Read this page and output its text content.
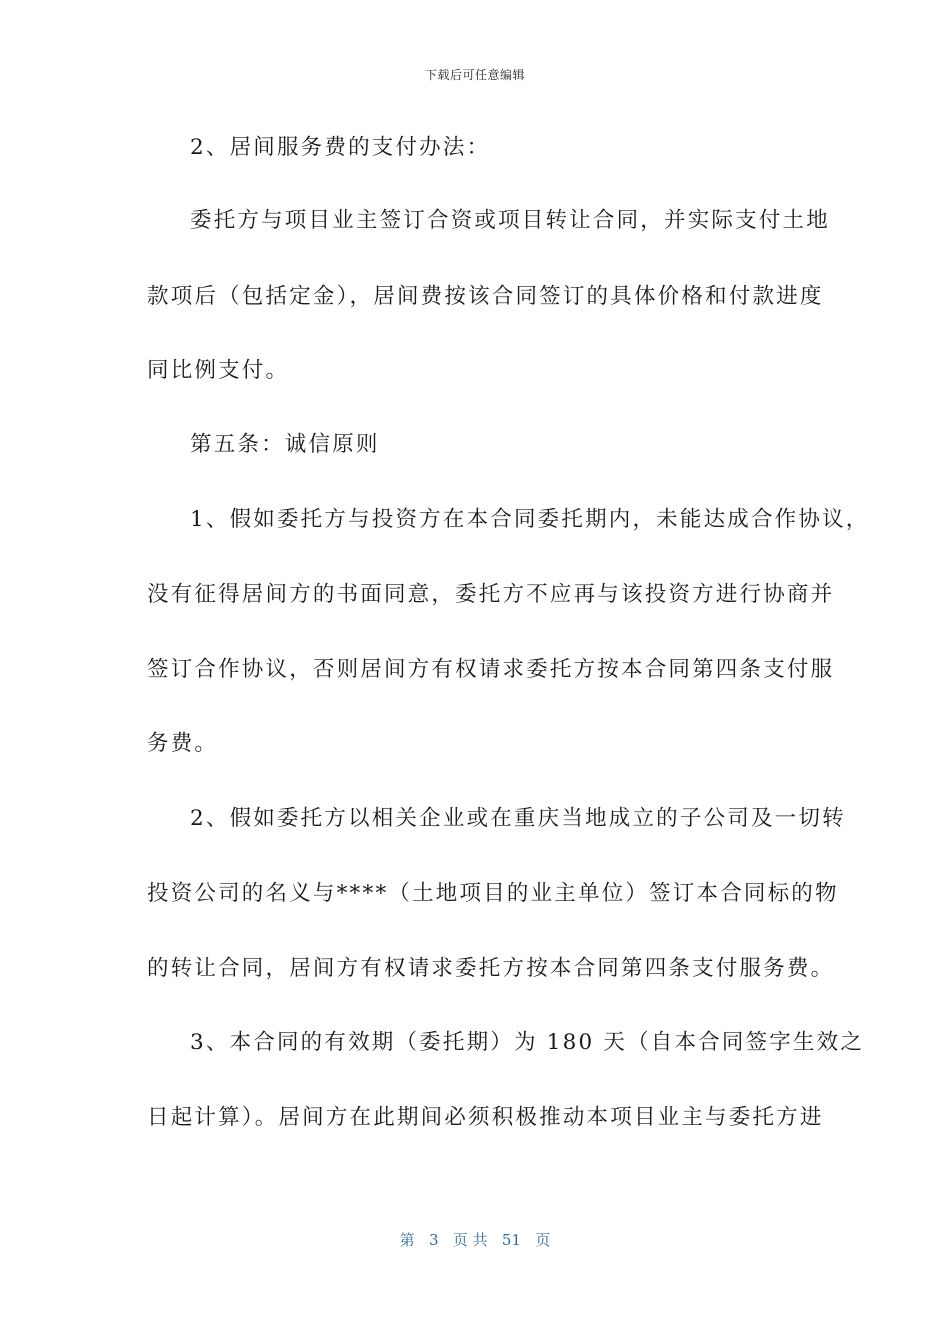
下载后可任意编辑
2、居间服务费的支付办法：
委托方与项目业主签订合资或项目转让合同，并实际支付土地
款项后（包括定金），居间费按该合同签订的具体价格和付款进度
同比例支付。
第五条：诚信原则
1、假如委托方与投资方在本合同委托期内，未能达成合作协议，
没有征得居间方的书面同意，委托方不应再与该投资方进行协商并
签订合作协议，否则居间方有权请求委托方按本合同第四条支付服
务费。
2、假如委托方以相关企业或在重庆当地成立的子公司及一切转
投资公司的名义与****（土地项目的业主单位）签订本合同标的物
的转让合同，居间方有权请求委托方按本合同第四条支付服务费。
3、本合同的有效期（委托期）为 180 天（自本合同签字生效之
日起计算）。居间方在此期间必须积极推动本项目业主与委托方进
第 3 页 共 51 页
